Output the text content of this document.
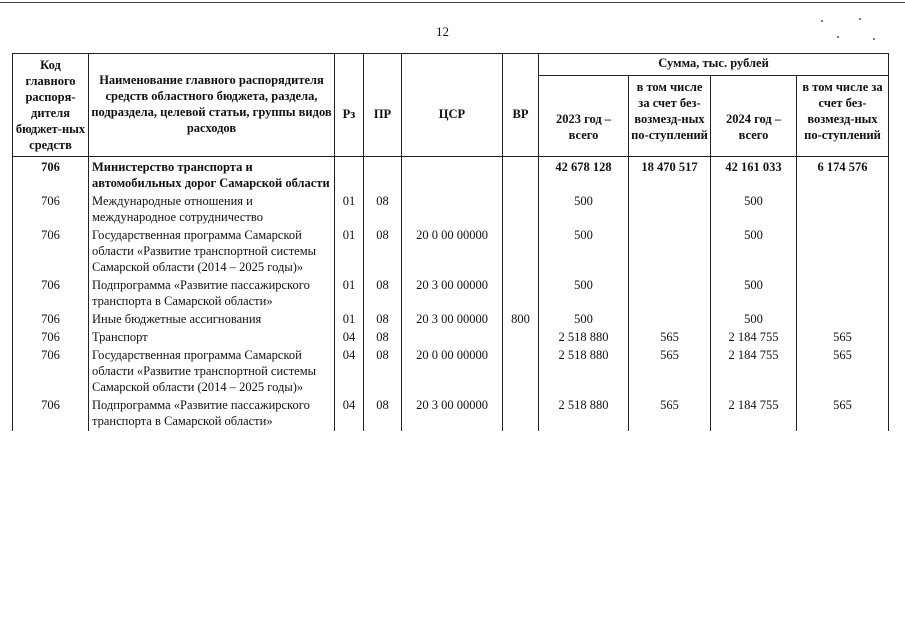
12
Код главного распоря-дителя бюджет-ных средств	Наименование главного распорядителя средств областного бюджета, раздела, подраздела, целевой статьи, группы видов расходов	Рз	ПР	ЦСР	ВР	Сумма, тыс. рублей			
						2023 год – всего	в том числе за счет без-возмезд-ных по-ступлений	2024 год – всего	в том числе за счет без-возмезд-ных по-ступлений
706	Министерство транспорта и автомобильных дорог Самарской области					42 678 128	18 470 517	42 161 033	6 174 576
706	Международные отношения и международное сотрудничество	01	08			500		500	
706	Государственная программа Самарской области «Развитие транспортной системы Самарской области (2014 – 2025 годы)»	01	08	20 0 00 00000		500		500	
706	Подпрограмма «Развитие пассажирского транспорта в Самарской области»	01	08	20 3 00 00000		500		500	
706	Иные бюджетные ассигнования	01	08	20 3 00 00000	800	500		500	
706	Транспорт	04	08			2 518 880	565	2 184 755	565
706	Государственная программа Самарской области «Развитие транспортной системы Самарской области (2014 – 2025 годы)»	04	08	20 0 00 00000		2 518 880	565	2 184 755	565
706	Подпрограмма «Развитие пассажирского транспорта в Самарской области»	04	08	20 3 00 00000		2 518 880	565	2 184 755	565
